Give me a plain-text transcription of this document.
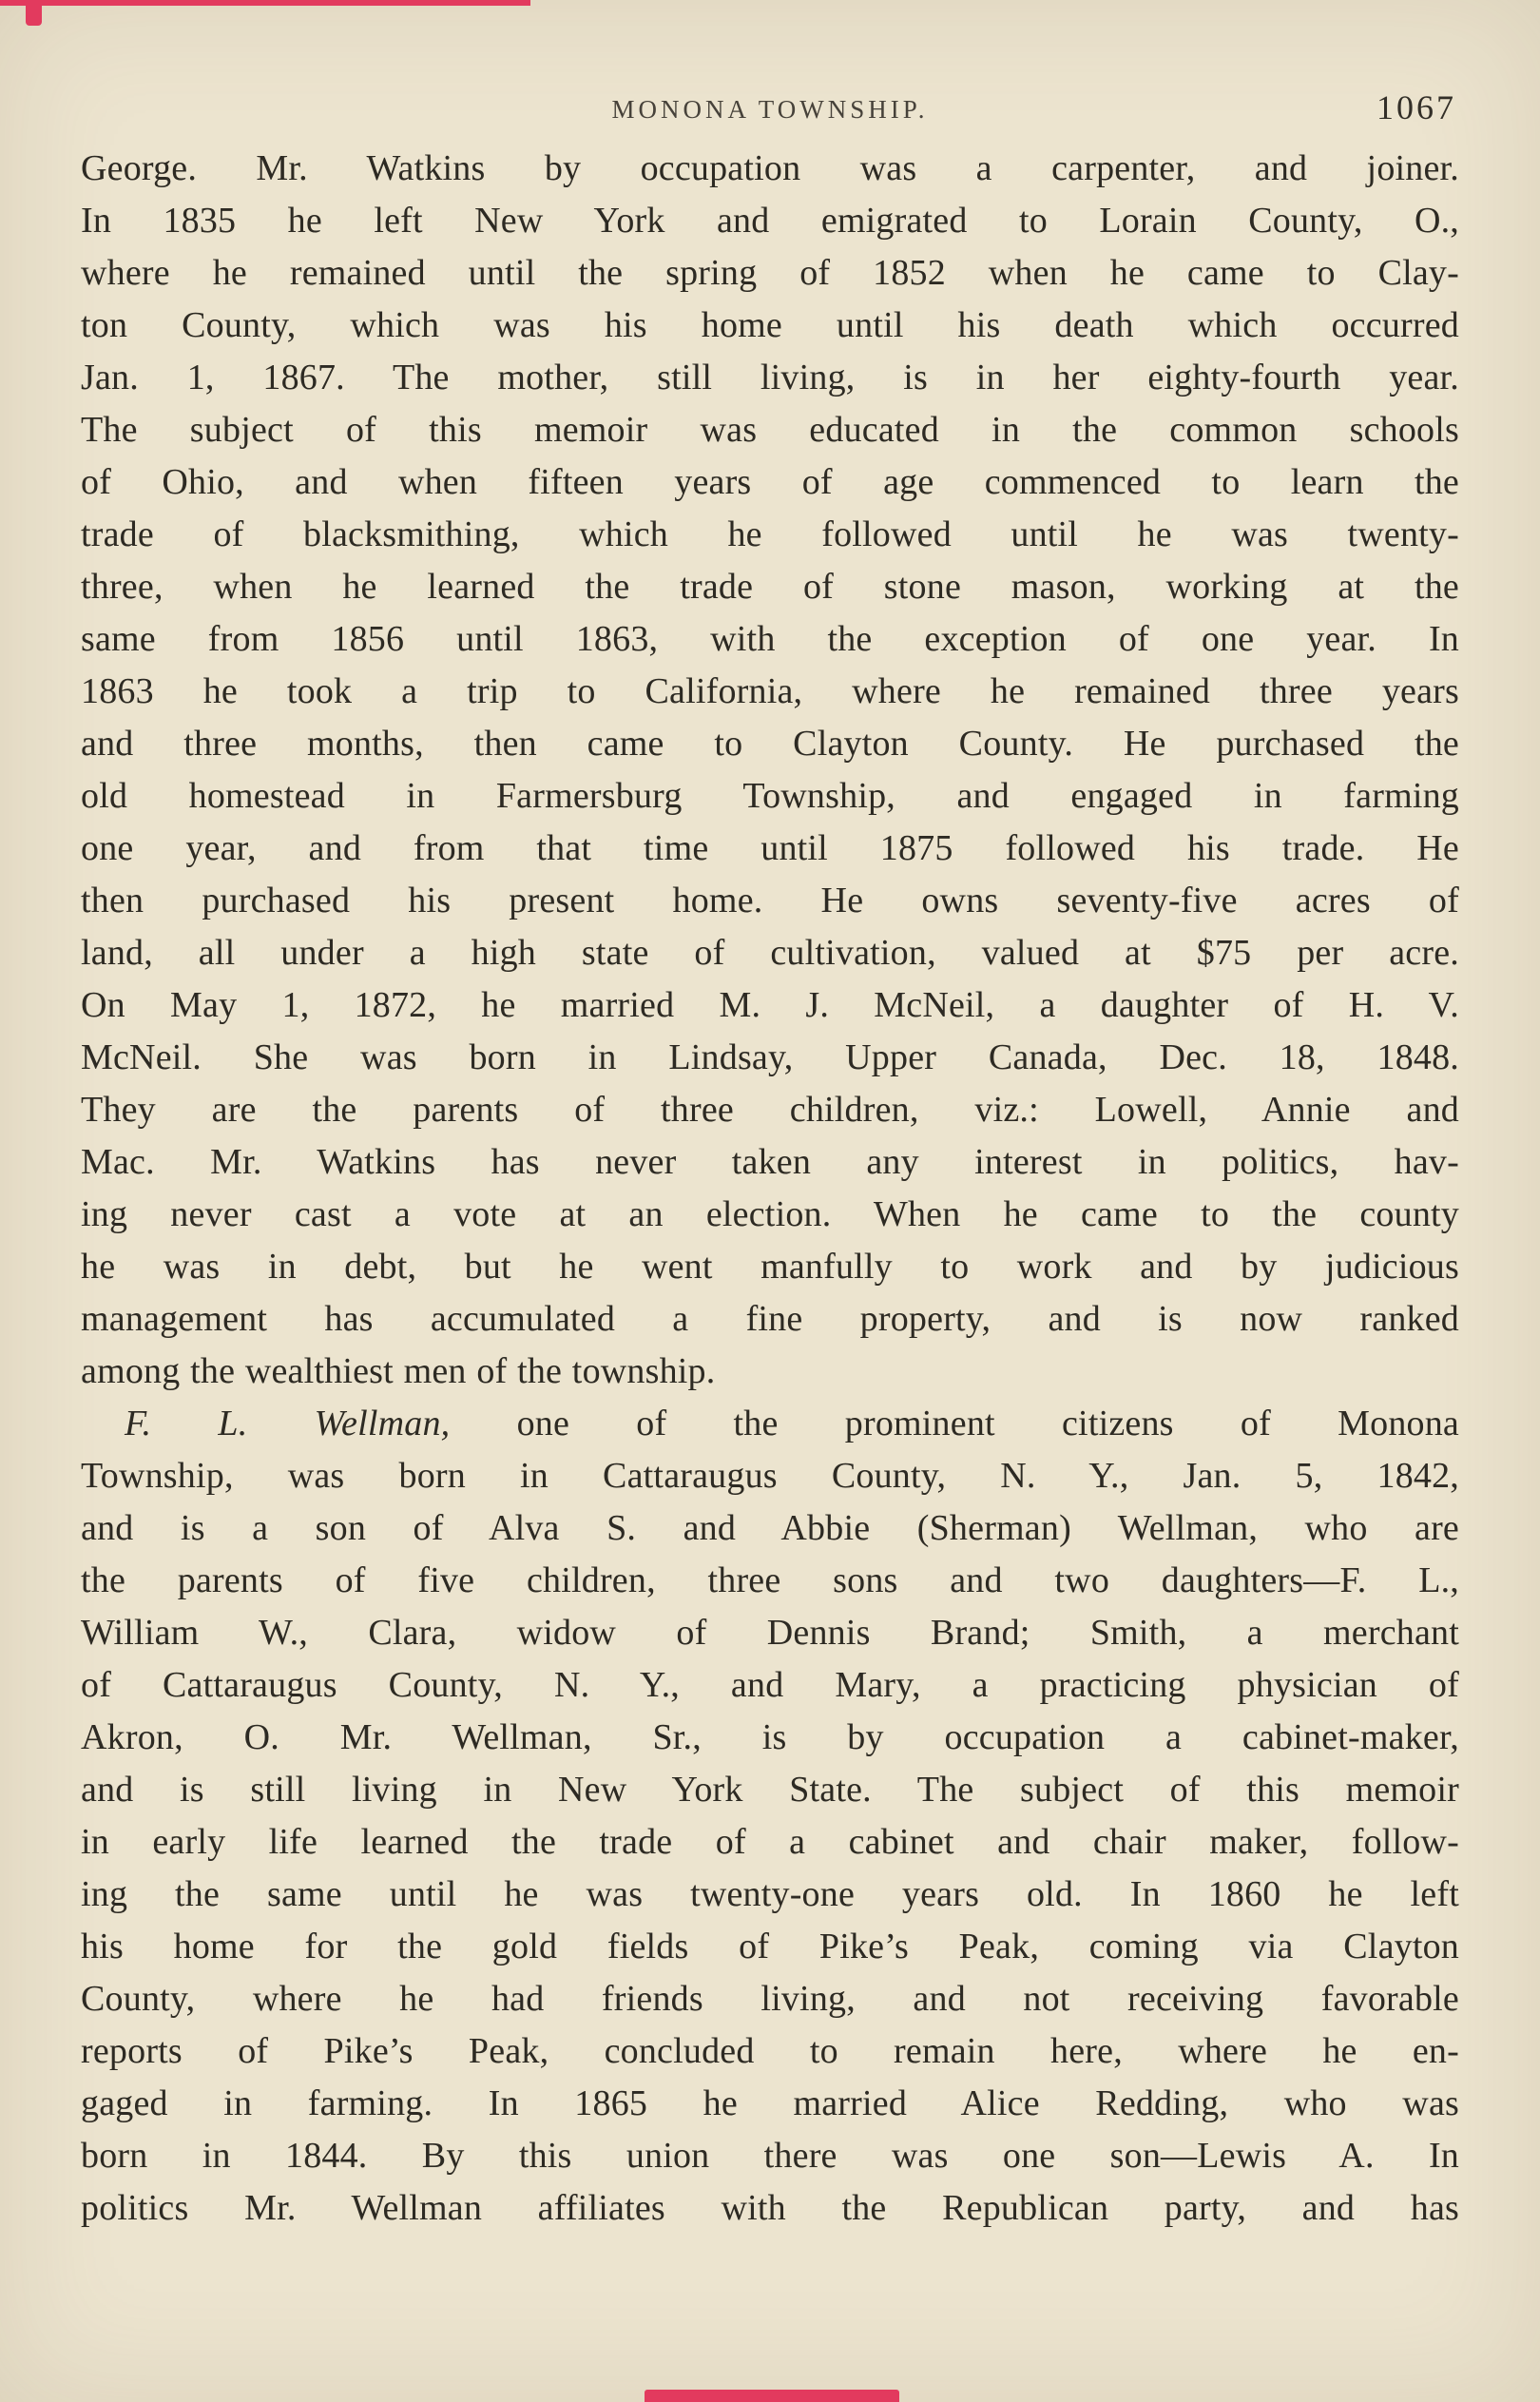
MONONA TOWNSHIP.	1067
George. Mr. Watkins by occupation was a carpenter, and joiner.
In 1835 he left New York and emigrated to Lorain County, O.,
where he remained until the spring of 1852 when he came to Clay-
ton County, which was his home until his death which occurred
Jan. 1, 1867. The mother, still living, is in her eighty-fourth year.
The subject of this memoir was educated in the common schools
of Ohio, and when fifteen years of age commenced to learn the
trade of blacksmithing, which he followed until he was twenty-
three, when he learned the trade of stone mason, working at the
same from 1856 until 1863, with the exception of one year. In
1863 he took a trip to California, where he remained three years
and three months, then came to Clayton County. He purchased the
old homestead in Farmersburg Township, and engaged in farming
one year, and from that time until 1875 followed his trade. He
then purchased his present home. He owns seventy-five acres of
land, all under a high state of cultivation, valued at $75 per acre.
On May 1, 1872, he married M. J. McNeil, a daughter of H. V.
McNeil. She was born in Lindsay, Upper Canada, Dec. 18, 1848.
They are the parents of three children, viz.: Lowell, Annie and
Mac. Mr. Watkins has never taken any interest in politics, hav-
ing never cast a vote at an election. When he came to the county
he was in debt, but he went manfully to work and by judicious
management has accumulated a fine property, and is now ranked
among the wealthiest men of the township.
F. L. Wellman, one of the prominent citizens of Monona
Township, was born in Cattaraugus County, N. Y., Jan. 5, 1842,
and is a son of Alva S. and Abbie (Sherman) Wellman, who are
the parents of five children, three sons and two daughters—F. L.,
William W., Clara, widow of Dennis Brand; Smith, a merchant
of Cattaraugus County, N. Y., and Mary, a practicing physician of
Akron, O. Mr. Wellman, Sr., is by occupation a cabinet-maker,
and is still living in New York State. The subject of this memoir
in early life learned the trade of a cabinet and chair maker, follow-
ing the same until he was twenty-one years old. In 1860 he left
his home for the gold fields of Pike’s Peak, coming via Clayton
County, where he had friends living, and not receiving favorable
reports of Pike’s Peak, concluded to remain here, where he en-
gaged in farming. In 1865 he married Alice Redding, who was
born in 1844. By this union there was one son—Lewis A. In
politics Mr. Wellman affiliates with the Republican party, and has
